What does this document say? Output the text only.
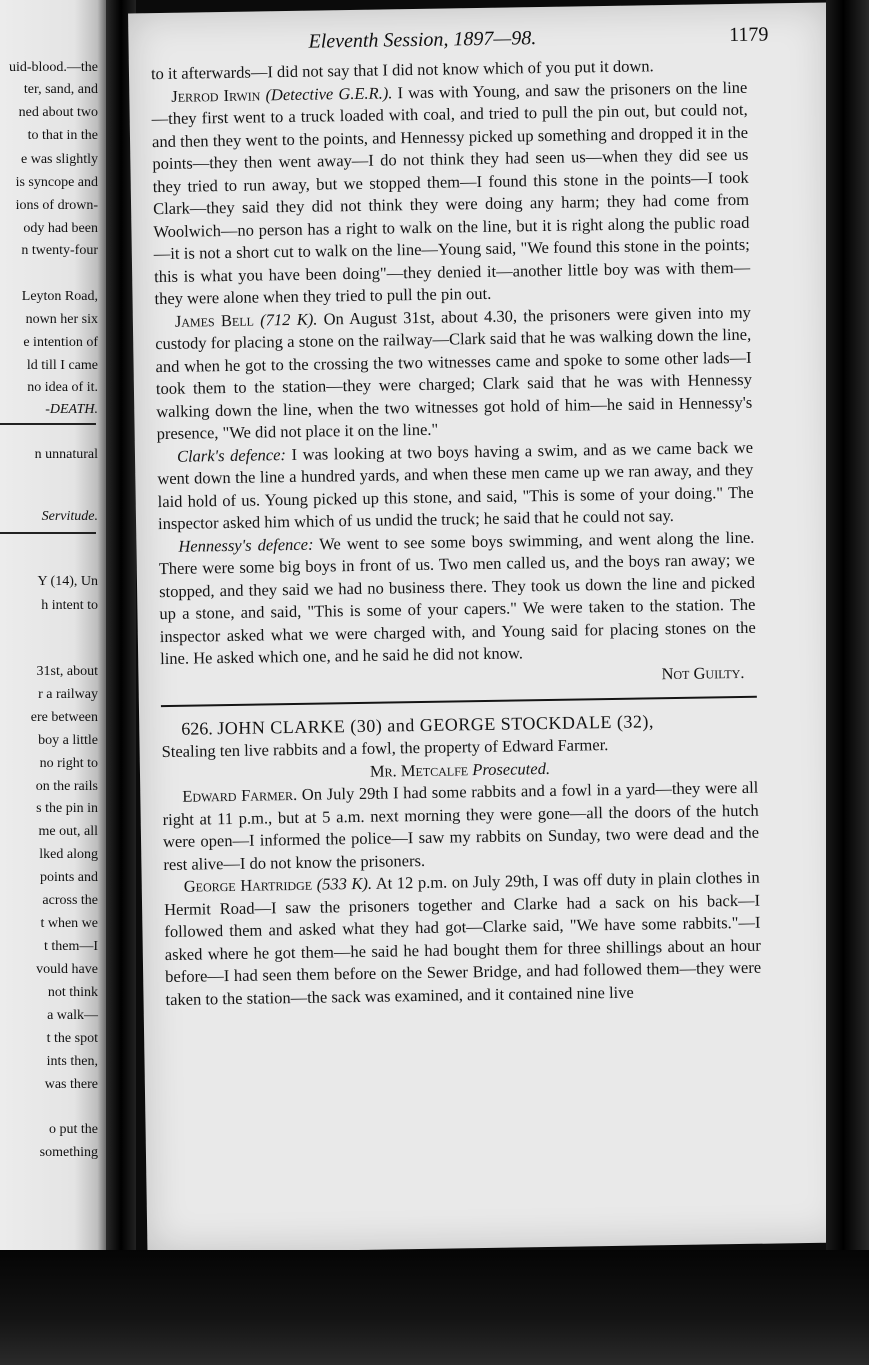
uid-blood.—the
ter, sand, and
ned about two
to that in the
e was slightly
is syncope and
ions of drown-
ody had been
n twenty-four
Leyton Road,
nown her six
e intention of
ld till I came
no idea of it.
-DEATH.
n unnatural
Servitude.
Y (14), Un
h intent to
31st, about
r a railway
ere between
boy a little
no right to
on the rails
s the pin in
me out, all
lked along
points and
across the
t when we
t them—I
vould have
not think
a walk—
t the spot
ints then,
was there
o put the
something
Eleventh Session, 1897—98.	1179

to it afterwards—I did not say that I did not know which of you put it down.

Jerrod Irwin (Detective G.E.R.). I was with Young, and saw the prisoners on the line—they first went to a truck loaded with coal, and tried to pull the pin out, but could not, and then they went to the points, and Hennessy picked up something and dropped it in the points—they then went away—I do not think they had seen us—when they did see us they tried to run away, but we stopped them—I found this stone in the points—I took Clark—they said they did not think they were doing any harm; they had come from Woolwich—no person has a right to walk on the line, but it is right along the public road—it is not a short cut to walk on the line—Young said, "We found this stone in the points; this is what you have been doing"—they denied it—another little boy was with them—they were alone when they tried to pull the pin out.

James Bell (712 K). On August 31st, about 4.30, the prisoners were given into my custody for placing a stone on the railway—Clark said that he was walking down the line, and when he got to the crossing the two witnesses came and spoke to some other lads—I took them to the station—they were charged; Clark said that he was with Hennessy walking down the line, when the two witnesses got hold of him—he said in Hennessy's presence, "We did not place it on the line."

Clark's defence: I was looking at two boys having a swim, and as we came back we went down the line a hundred yards, and when these men came up we ran away, and they laid hold of us. Young picked up this stone, and said, "This is some of your doing." The inspector asked him which of us undid the truck; he said that he could not say.

Hennessy's defence: We went to see some boys swimming, and went along the line. There were some big boys in front of us. Two men called us, and the boys ran away; we stopped, and they said we had no business there. They took us down the line and picked up a stone, and said, "This is some of your capers." We were taken to the station. The inspector asked what we were charged with, and Young said for placing stones on the line. He asked which one, and he said he did not know.

Not Guilty.

626. JOHN CLARKE (30) and GEORGE STOCKDALE (32),

Stealing ten live rabbits and a fowl, the property of Edward Farmer.

Mr. Metcalfe Prosecuted.

Edward Farmer. On July 29th I had some rabbits and a fowl in a yard—they were all right at 11 p.m., but at 5 a.m. next morning they were gone—all the doors of the hutch were open—I informed the police—I saw my rabbits on Sunday, two were dead and the rest alive—I do not know the prisoners.

George Hartridge (533 K). At 12 p.m. on July 29th, I was off duty in plain clothes in Hermit Road—I saw the prisoners together and Clarke had a sack on his back—I followed them and asked what they had got—Clarke said, "We have some rabbits."—I asked where he got them—he said he had bought them for three shillings about an hour before—I had seen them before on the Sewer Bridge, and had followed them—they were taken to the station—the sack was examined, and it contained nine live
